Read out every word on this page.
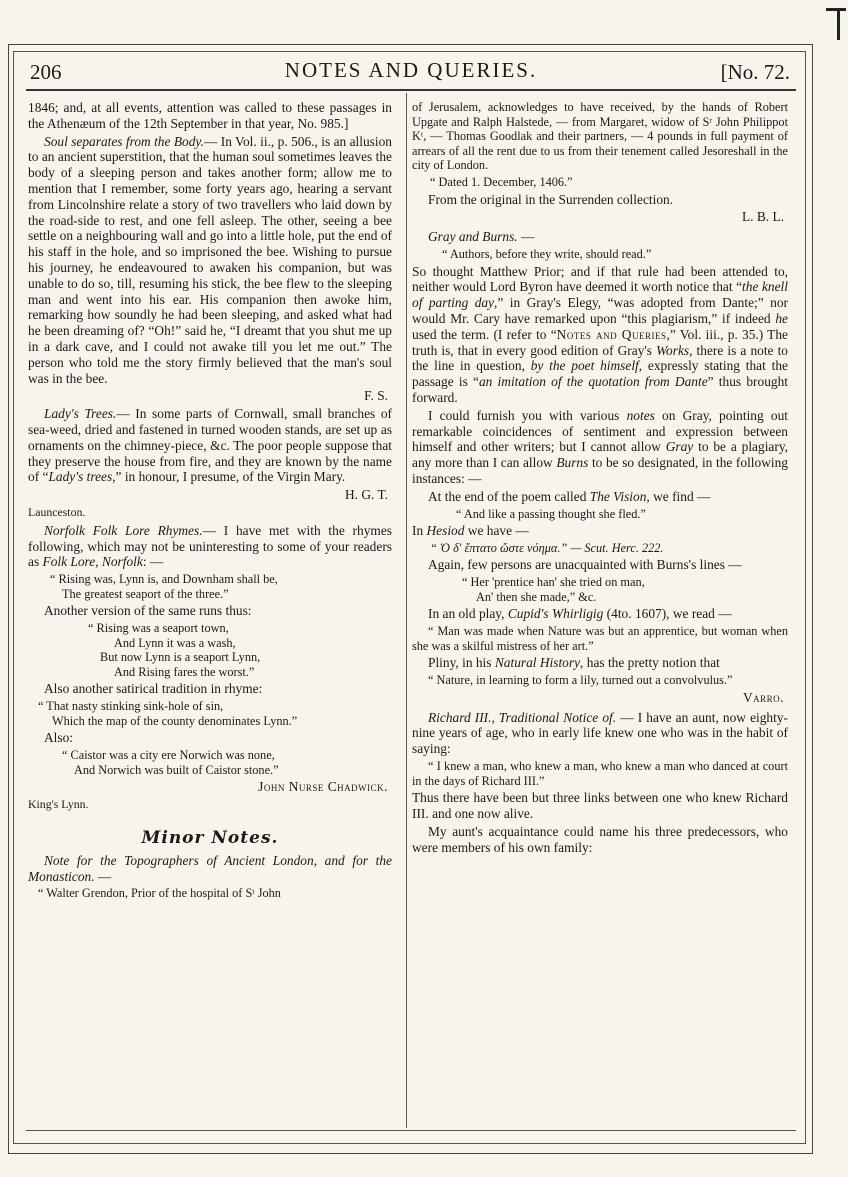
206	NOTES AND QUERIES.	[No. 72.

1846; and, at all events, attention was called to these passages in the Athenæum of the 12th September in that year, No. 985.]

Soul separates from the Body.— In Vol. ii., p. 506., is an allusion to an ancient superstition, that the human soul sometimes leaves the body of a sleeping person and takes another form; allow me to mention that I remember, some forty years ago, hearing a servant from Lincolnshire relate a story of two travellers who laid down by the road-side to rest, and one fell asleep. The other, seeing a bee settle on a neighbouring wall and go into a little hole, put the end of his staff in the hole, and so imprisoned the bee. Wishing to pursue his journey, he endeavoured to awaken his companion, but was unable to do so, till, resuming his stick, the bee flew to the sleeping man and went into his ear. His companion then awoke him, remarking how soundly he had been sleeping, and asked what had he been dreaming of? “Oh!” said he, “I dreamt that you shut me up in a dark cave, and I could not awake till you let me out.” The person who told me the story firmly believed that the man's soul was in the bee.

F. S.

Lady's Trees.— In some parts of Cornwall, small branches of sea-weed, dried and fastened in turned wooden stands, are set up as ornaments on the chimney-piece, &c. The poor people suppose that they preserve the house from fire, and they are known by the name of “Lady's trees,” in honour, I presume, of the Virgin Mary.

H. G. T.

Launceston.

Norfolk Folk Lore Rhymes.— I have met with the rhymes following, which may not be uninteresting to some of your readers as Folk Lore, Norfolk: —

“ Rising was, Lynn is, and Downham shall be,
The greatest seaport of the three.”

Another version of the same runs thus:

“ Rising was a seaport town,
And Lynn it was a wash,
But now Lynn is a seaport Lynn,
And Rising fares the worst.”

Also another satirical tradition in rhyme:

“ That nasty stinking sink-hole of sin,
Which the map of the county denominates Lynn.”

Also:

“ Caistor was a city ere Norwich was none,
And Norwich was built of Caistor stone.”

John Nurse Chadwick.

King's Lynn.

Minor Notes.

Note for the Topographers of Ancient London, and for the Monasticon. —

“ Walter Grendon, Prior of the hospital of Sᵗ John

of Jerusalem, acknowledges to have received, by the hands of Robert Upgate and Ralph Halstede, — from Margaret, widow of Sʳ John Philippot Kᵗ, — Thomas Goodlak and their partners, — 4 pounds in full payment of arrears of all the rent due to us from their tenement called Jesoreshall in the city of London.

“ Dated 1. December, 1406.”

From the original in the Surrenden collection.

L. B. L.

Gray and Burns. —

“ Authors, before they write, should read.”

So thought Matthew Prior; and if that rule had been attended to, neither would Lord Byron have deemed it worth notice that “the knell of parting day,” in Gray's Elegy, “was adopted from Dante;” nor would Mr. Cary have remarked upon “this plagiarism,” if indeed he used the term. (I refer to “Notes and Queries,” Vol. iii., p. 35.) The truth is, that in every good edition of Gray's Works, there is a note to the line in question, by the poet himself, expressly stating that the passage is “an imitation of the quotation from Dante” thus brought forward.

I could furnish you with various notes on Gray, pointing out remarkable coincidences of sentiment and expression between himself and other writers; but I cannot allow Gray to be a plagiary, any more than I can allow Burns to be so designated, in the following instances: —

At the end of the poem called The Vision, we find —

“ And like a passing thought she fled.”

In Hesiod we have —

“ Ὁ δ' ἔπτατο ὥστε νόημα.” — Scut. Herc. 222.

Again, few persons are unacquainted with Burns's lines —

“ Her 'prentice han' she tried on man,
An' then she made,” &c.

In an old play, Cupid's Whirligig (4to. 1607), we read —

“ Man was made when Nature was but an apprentice, but woman when she was a skilful mistress of her art.”

Pliny, in his Natural History, has the pretty notion that

“ Nature, in learning to form a lily, turned out a convolvulus.”

Varro.

Richard III., Traditional Notice of. — I have an aunt, now eighty-nine years of age, who in early life knew one who was in the habit of saying:

“ I knew a man, who knew a man, who knew a man who danced at court in the days of Richard III.”

Thus there have been but three links between one who knew Richard III. and one now alive.

My aunt's acquaintance could name his three predecessors, who were members of his own family:
